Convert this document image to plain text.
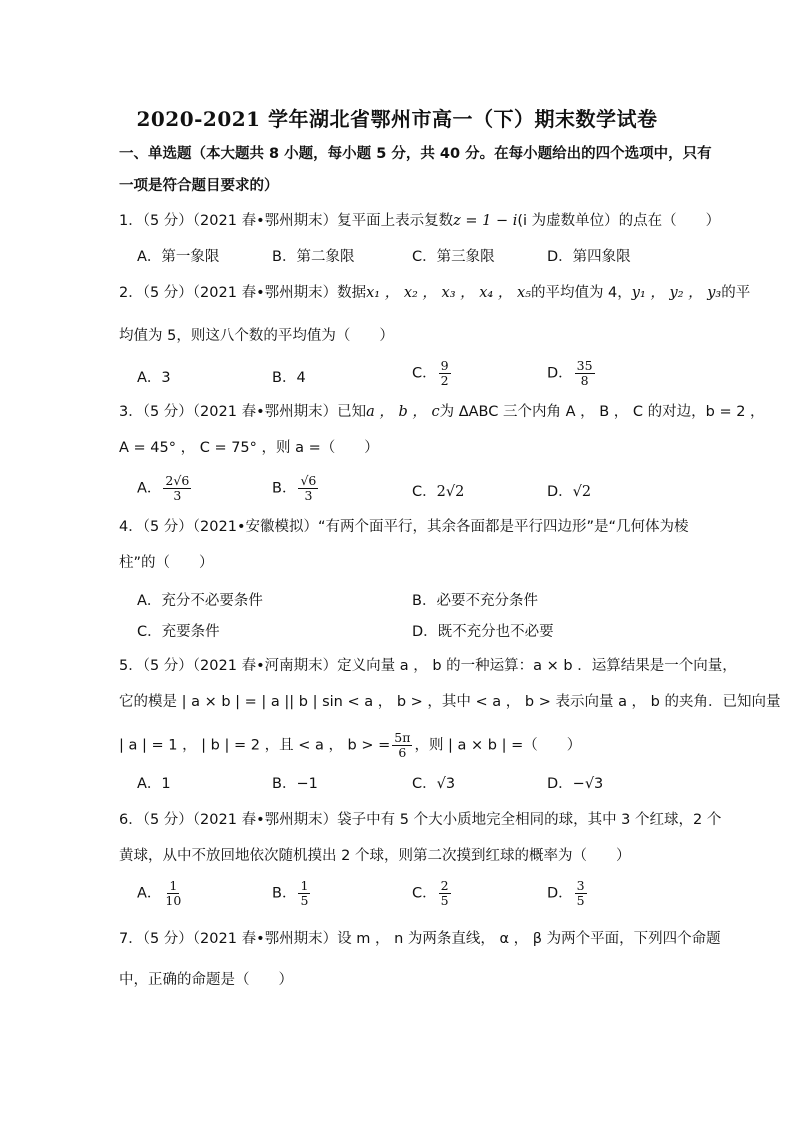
2020-2021 学年湖北省鄂州市高一（下）期末数学试卷
一、单选题（本大题共 8 小题，每小题 5 分，共 40 分。在每小题给出的四个选项中，只有
一项是符合题目要求的）
1．（5 分）（2021 春•鄂州期末）复平面上表示复数z = 1 − i(i 为虚数单位）的点在（　　）
A．第一象限	B．第二象限	C．第三象限	D．第四象限
2．（5 分）（2021 春•鄂州期末）数据x₁ ， x₂ ， x₃ ， x₄ ， x₅的平均值为 4，y₁ ， y₂ ， y₃的平
均值为 5，则这八个数的平均值为（　　）
A．3	B．4	C． $\frac{9}{2}$	D． $\frac{35}{8}$
3．（5 分）（2021 春•鄂州期末）已知a ， b ， c为 ΔABC 三个内角 A ， B ， C 的对边，b = 2 ，
A = 45° ， C = 75° ，则 a =（　　）
A． $\frac{2√6}{3}$	B． $\frac{√6}{3}$	C．2√2	D．√2
4．（5 分）（2021•安徽模拟）“有两个面平行，其余各面都是平行四边形”是“几何体为棱
柱”的（　　）
A．充分不必要条件	B．必要不充分条件
C．充要条件	D．既不充分也不必要
5．（5 分）（2021 春•河南期末）定义向量 a ， b 的一种运算：a × b ．运算结果是一个向量，
它的模是 | a × b | = | a || b | sin < a ， b > ，其中 < a ， b > 表示向量 a ， b 的夹角．已知向量
| a | = 1 ， | b | = 2 ，且 < a ， b > = $\frac{5\pi}{6}$ ，则 | a × b | =（　　）
A．1	B．−1	C．√3	D．−√3
6．（5 分）（2021 春•鄂州期末）袋子中有 5 个大小质地完全相同的球，其中 3 个红球，2 个
黄球，从中不放回地依次随机摸出 2 个球，则第二次摸到红球的概率为（　　）
A． $\frac{1}{10}$	B． $\frac{1}{5}$	C． $\frac{2}{5}$	D． $\frac{3}{5}$
7．（5 分）（2021 春•鄂州期末）设 m ， n 为两条直线， α ， β 为两个平面，下列四个命题
中，正确的命题是（　　）
